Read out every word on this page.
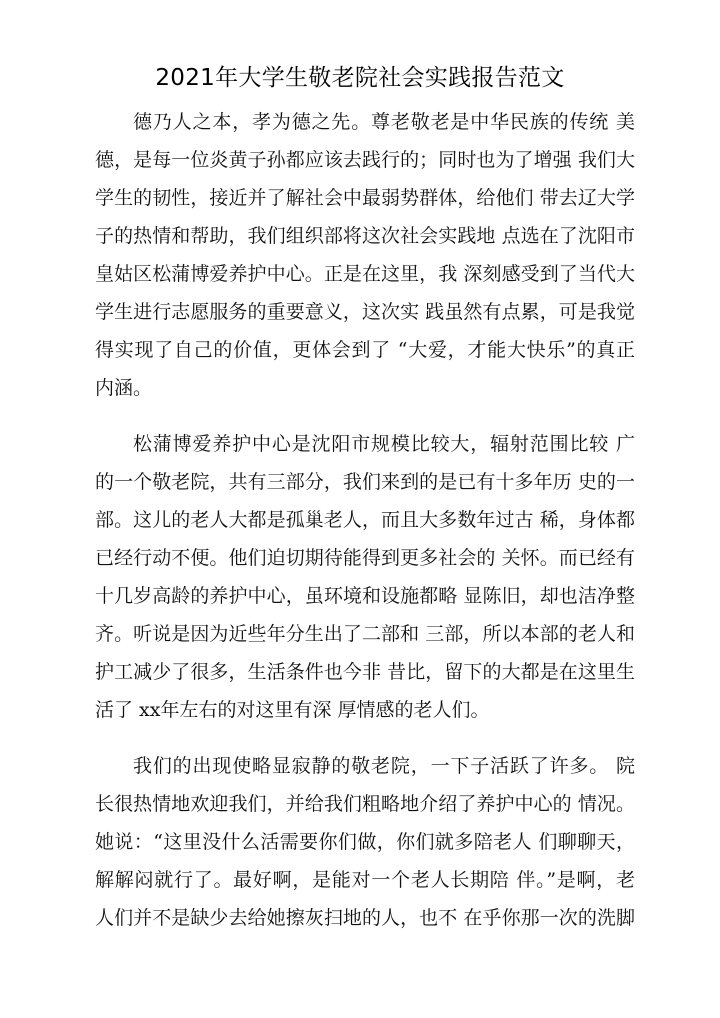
2021年大学生敬老院社会实践报告范文
德乃人之本，孝为德之先。尊老敬老是中华民族的传统 美
德，是每一位炎黄子孙都应该去践行的；同时也为了增强 我们大
学生的韧性，接近并了解社会中最弱势群体，给他们 带去辽大学
子的热情和帮助，我们组织部将这次社会实践地 点选在了沈阳市
皇姑区松蒲博爱养护中心。正是在这里，我 深刻感受到了当代大
学生进行志愿服务的重要意义，这次实 践虽然有点累，可是我觉
得实现了自己的价值，更体会到了 “大爱，才能大快乐”的真正
内涵。
松蒲博爱养护中心是沈阳市规模比较大，辐射范围比较 广
的一个敬老院，共有三部分，我们来到的是已有十多年历 史的一
部。这儿的老人大都是孤巢老人，而且大多数年过古 稀，身体都
已经行动不便。他们迫切期待能得到更多社会的 关怀。而已经有
十几岁高龄的养护中心，虽环境和设施都略 显陈旧，却也洁净整
齐。听说是因为近些年分生出了二部和 三部，所以本部的老人和
护工减少了很多，生活条件也今非 昔比，留下的大都是在这里生
活了 xx年左右的对这里有深 厚情感的老人们。
我们的出现使略显寂静的敬老院，一下子活跃了许多。 院
长很热情地欢迎我们，并给我们粗略地介绍了养护中心的 情况。
她说：“这里没什么活需要你们做，你们就多陪老人 们聊聊天，
解解闷就行了。最好啊，是能对一个老人长期陪 伴。”是啊，老
人们并不是缺少去给她擦灰扫地的人，也不 在乎你那一次的洗脚
